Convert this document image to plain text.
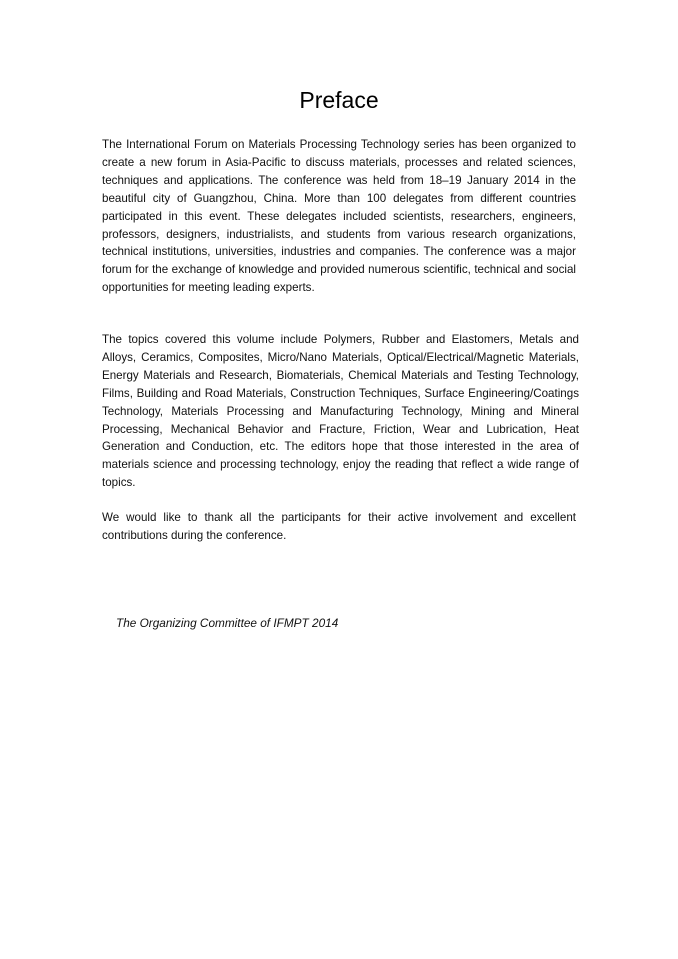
Preface

The International Forum on Materials Processing Technology series has been organized to create a new forum in Asia-Pacific to discuss materials, processes and related sciences, techniques and applications. The conference was held from 18–19 January 2014 in the beautiful city of Guangzhou, China. More than 100 delegates from different countries participated in this event. These delegates included scientists, researchers, engineers, professors, designers, industrialists, and students from various research organizations, technical institutions, universities, industries and companies. The conference was a major forum for the exchange of knowledge and provided numerous scientific, technical and social opportunities for meeting leading experts.

The topics covered this volume include Polymers, Rubber and Elastomers, Metals and Alloys, Ceramics, Composites, Micro/Nano Materials, Optical/Electrical/Magnetic Materials, Energy Materials and Research, Biomaterials, Chemical Materials and Testing Technology, Films, Building and Road Materials, Construction Techniques, Surface Engineering/Coatings Technology, Materials Processing and Manufacturing Technology, Mining and Mineral Processing, Mechanical Behavior and Fracture, Friction, Wear and Lubrication, Heat Generation and Conduction, etc. The editors hope that those interested in the area of materials science and processing technology, enjoy the reading that reflect a wide range of topics.

We would like to thank all the participants for their active involvement and excellent contributions during the conference.

The Organizing Committee of IFMPT 2014
